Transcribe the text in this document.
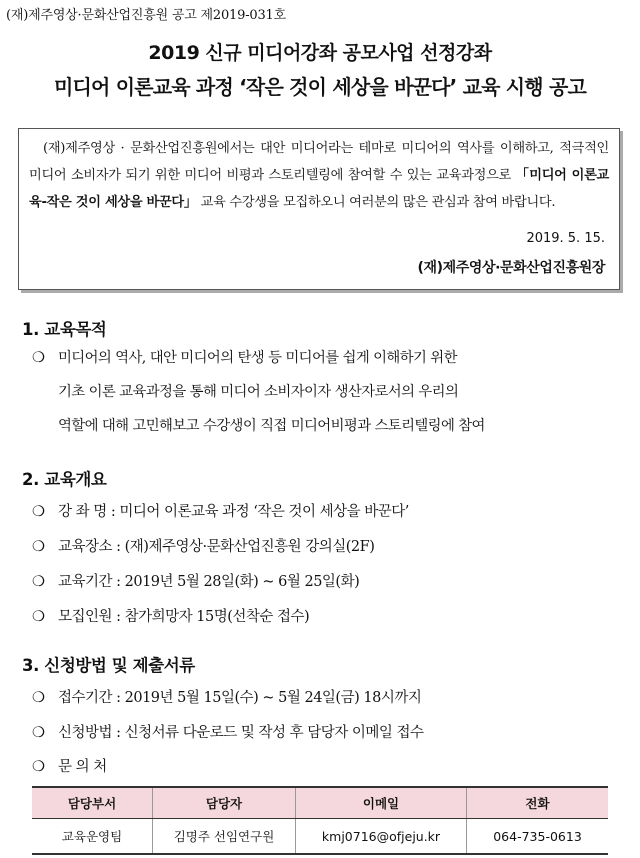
(재)제주영상·문화산업진흥원 공고 제2019-031호
2019 신규 미디어강좌 공모사업 선정강좌
미디어 이론교육 과정 ‘작은 것이 세상을 바꾼다’ 교육 시행 공고
(재)제주영상 · 문화산업진흥원에서는 대안 미디어라는 테마로 미디어의 역사를 이해하고, 적극적인 미디어 소비자가 되기 위한 미디어 비평과 스토리텔링에 참여할 수 있는 교육과정으로 「미디어 이론교육-작은 것이 세상을 바꾼다」 교육 수강생을 모집하오니 여러분의 많은 관심과 참여 바랍니다.
2019. 5. 15.
(재)제주영상·문화산업진흥원장
1. 교육목적
❍ 미디어의 역사, 대안 미디어의 탄생 등 미디어를 쉽게 이해하기 위한
기초 이론 교육과정을 통해 미디어 소비자이자 생산자로서의 우리의
역할에 대해 고민해보고 수강생이 직접 미디어비평과 스토리텔링에 참여
2. 교육개요
❍ 강 좌 명 : 미디어 이론교육 과정 ‘작은 것이 세상을 바꾼다’
❍ 교육장소 : (재)제주영상·문화산업진흥원 강의실(2F)
❍ 교육기간 : 2019년 5월 28일(화) ~ 6월 25일(화)
❍ 모집인원 : 참가희망자 15명(선착순 접수)
3. 신청방법 및 제출서류
❍ 접수기간 : 2019년 5월 15일(수) ~ 5월 24일(금) 18시까지
❍ 신청방법 : 신청서류 다운로드 및 작성 후 담당자 이메일 접수
❍ 문 의 처
담당부서	담당자	이메일	전화
교육운영팀	김명주 선임연구원	kmj0716@ofjeju.kr	064-735-0613
